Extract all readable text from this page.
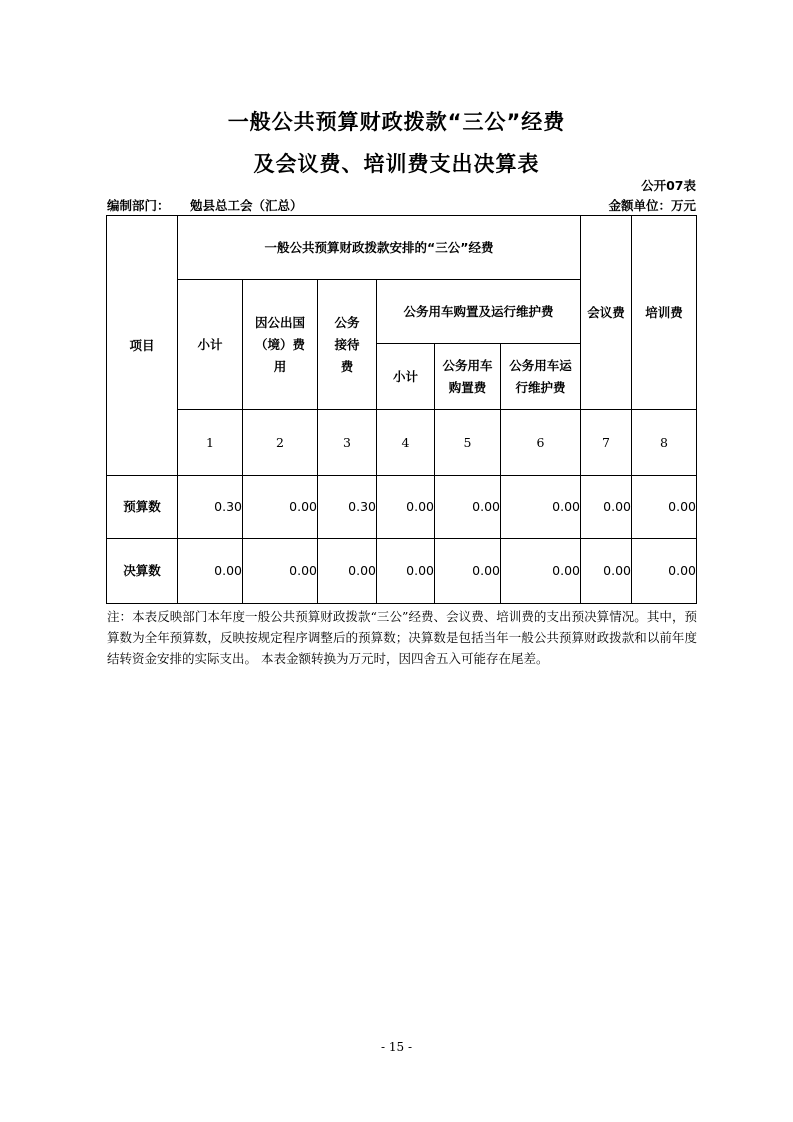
一般公共预算财政拨款“三公”经费
及会议费、培训费支出决算表
公开07表
编制部门： 勉县总工会（汇总）	金额单位：万元
项目	一般公共预算财政拨款安排的“三公”经费						会议费	培训费
	小计	因公出国（境）费用	公务接待费	公务用车购置及运行维护费				
				小计	公务用车购置费	公务用车运行维护费		
	1	2	3	4	5	6	7	8
预算数	0.30	0.00	0.30	0.00	0.00	0.00	0.00	0.00
决算数	0.00	0.00	0.00	0.00	0.00	0.00	0.00	0.00
注：本表反映部门本年度一般公共预算财政拨款“三公”经费、会议费、培训费的支出预决算情况。其中，预算数为全年预算数，反映按规定程序调整后的预算数；决算数是包括当年一般公共预算财政拨款和以前年度结转资金安排的实际支出。 本表金额转换为万元时，因四舍五入可能存在尾差。
- 15 -
